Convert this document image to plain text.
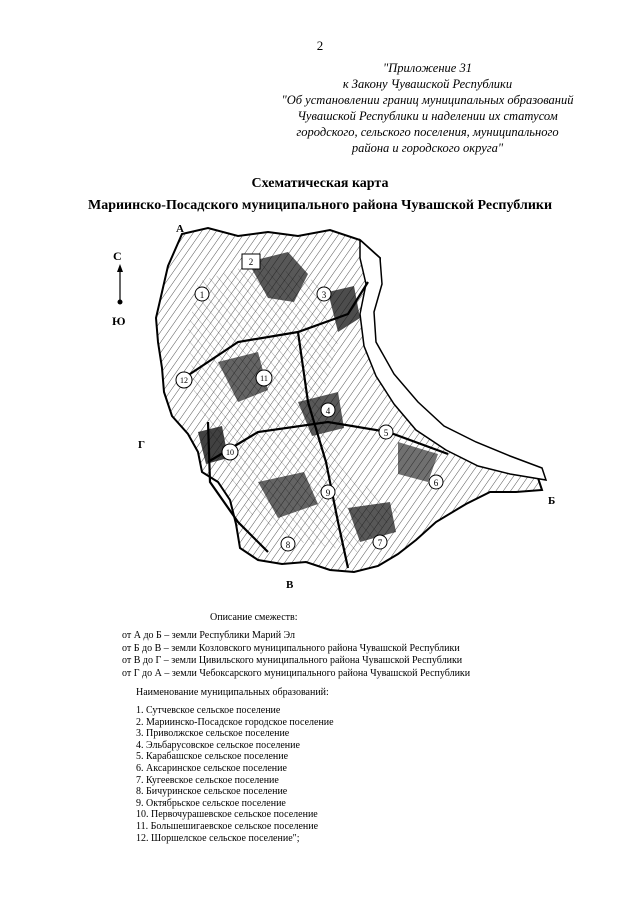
2
"Приложение 31
к Закону Чувашской Республики
"Об установлении границ муниципальных образований
Чувашской Республики и наделении их статусом
городского, сельского поселения, муниципального
района и городского округа"
Схематическая карта
Мариинско-Посадского муниципального района Чувашской Республики
С
Ю
А
Б
В
Г
1
2
3
4
5
6
7
8
9
10
11
12
Описание смежеств:
от А до Б – земли Республики Марий Эл
от Б до В – земли Козловского муниципального района Чувашской Республики
от В до Г – земли Цивильского муниципального района Чувашской Республики
от Г до А – земли Чебоксарского муниципального района Чувашской Республики
Наименование муниципальных образований:
1. Сутчевское сельское поселение
2. Мариинско-Посадское городское поселение
3. Приволжское сельское поселение
4. Эльбарусовское сельское поселение
5. Карабашское сельское поселение
6. Аксаринское сельское поселение
7. Кугеевское сельское поселение
8. Бичуринское сельское поселение
9. Октябрьское сельское поселение
10. Первочурашевское сельское поселение
11. Большешигаевское сельское поселение
12. Шоршелское сельское поселение";
